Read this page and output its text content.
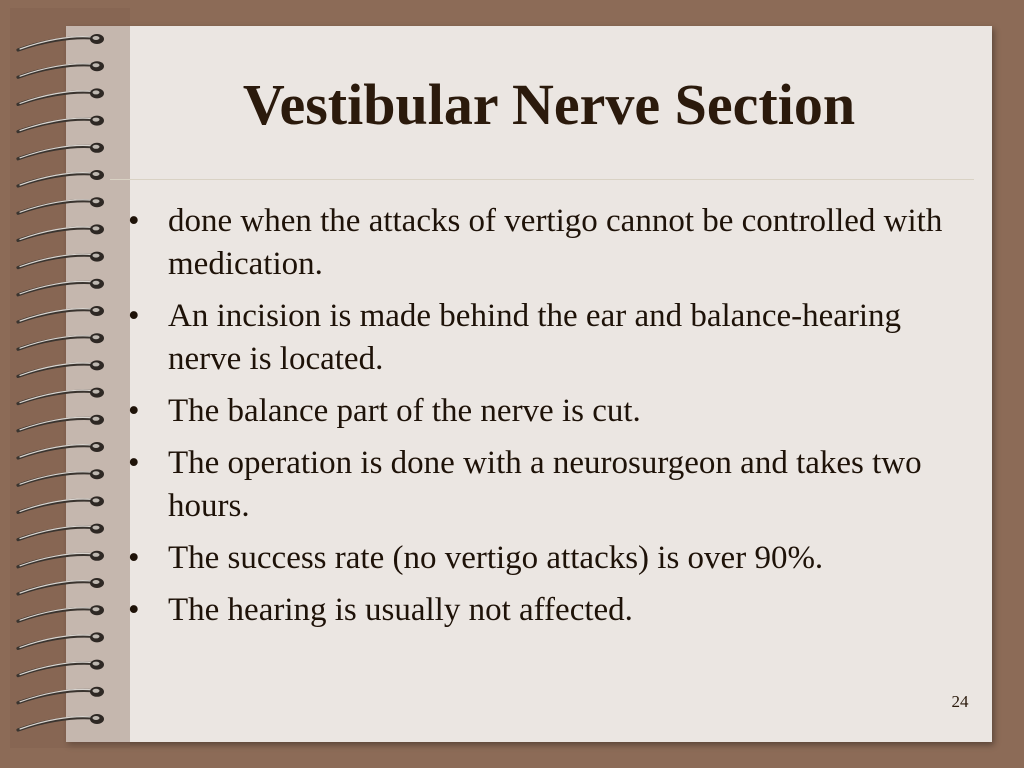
Vestibular Nerve Section
• done when the attacks of vertigo cannot be controlled with medication.
• An incision is made behind the ear and balance-hearing nerve is located.
• The balance part of the nerve is cut.
• The operation is done with a neurosurgeon and takes two hours.
• The success rate (no vertigo attacks) is over 90%.
• The hearing is usually not affected.
24
